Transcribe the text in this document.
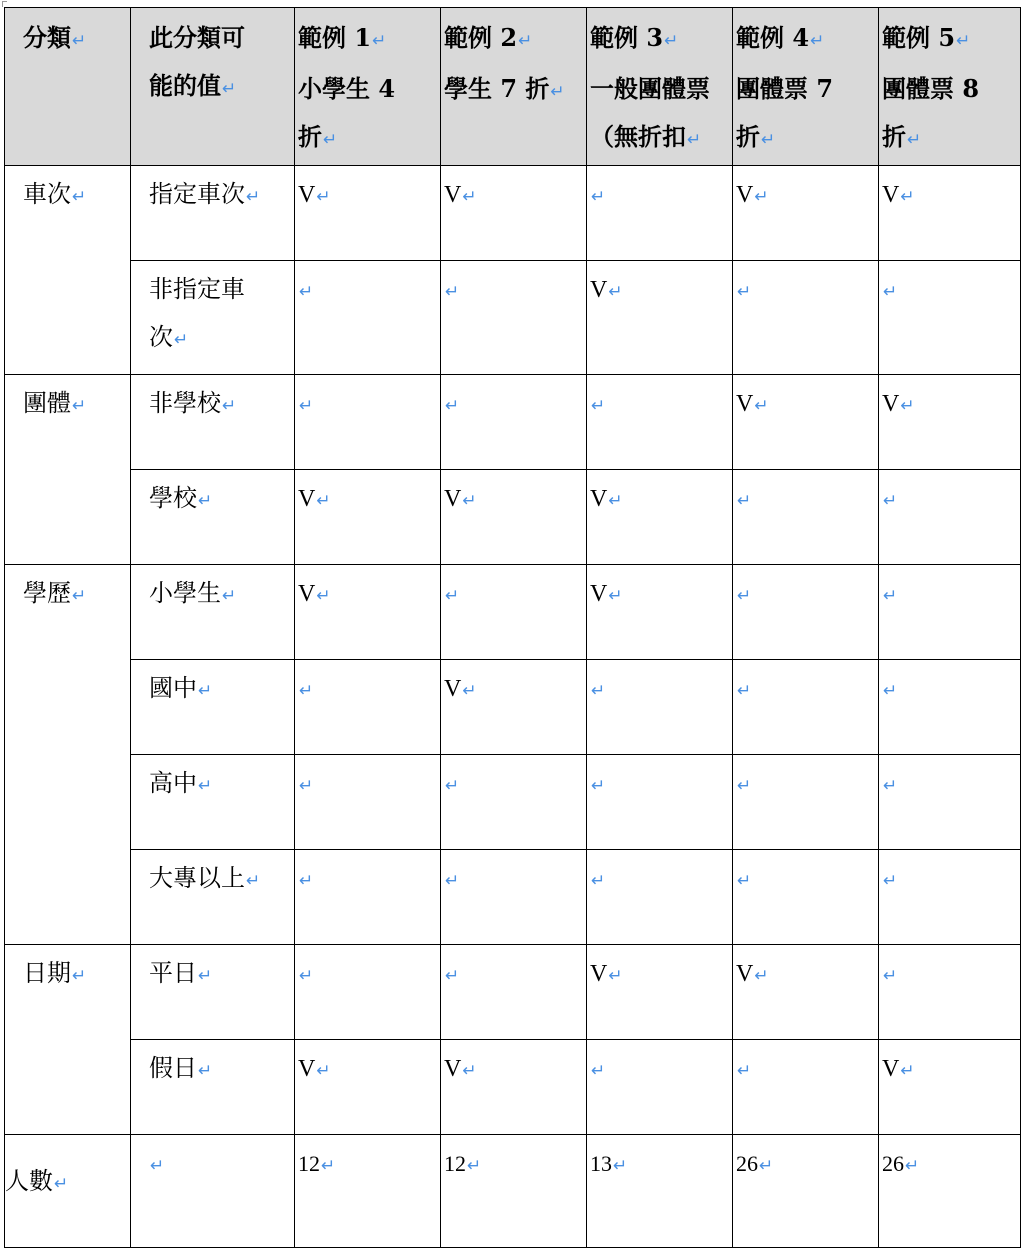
分類↵	此分類可
能的值↵	範例 1↵
小學生 4
折↵	範例 2↵
學生 7 折↵	範例 3↵
一般團體票
（無折扣↵	範例 4↵
團體票 7
折↵	範例 5↵
團體票 8
折↵
車次↵	指定車次↵	V↵	V↵	↵	V↵	V↵
	非指定車
次↵	↵	↵	V↵	↵	↵
團體↵	非學校↵	↵	↵	↵	V↵	V↵
	學校↵	V↵	V↵	V↵	↵	↵
學歷↵	小學生↵	V↵	↵	V↵	↵	↵
	國中↵	↵	V↵	↵	↵	↵
	高中↵	↵	↵	↵	↵	↵
	大專以上↵	↵	↵	↵	↵	↵
日期↵	平日↵	↵	↵	V↵	V↵	↵
	假日↵	V↵	V↵	↵	↵	V↵
人數↵	↵	12↵	12↵	13↵	26↵	26↵
